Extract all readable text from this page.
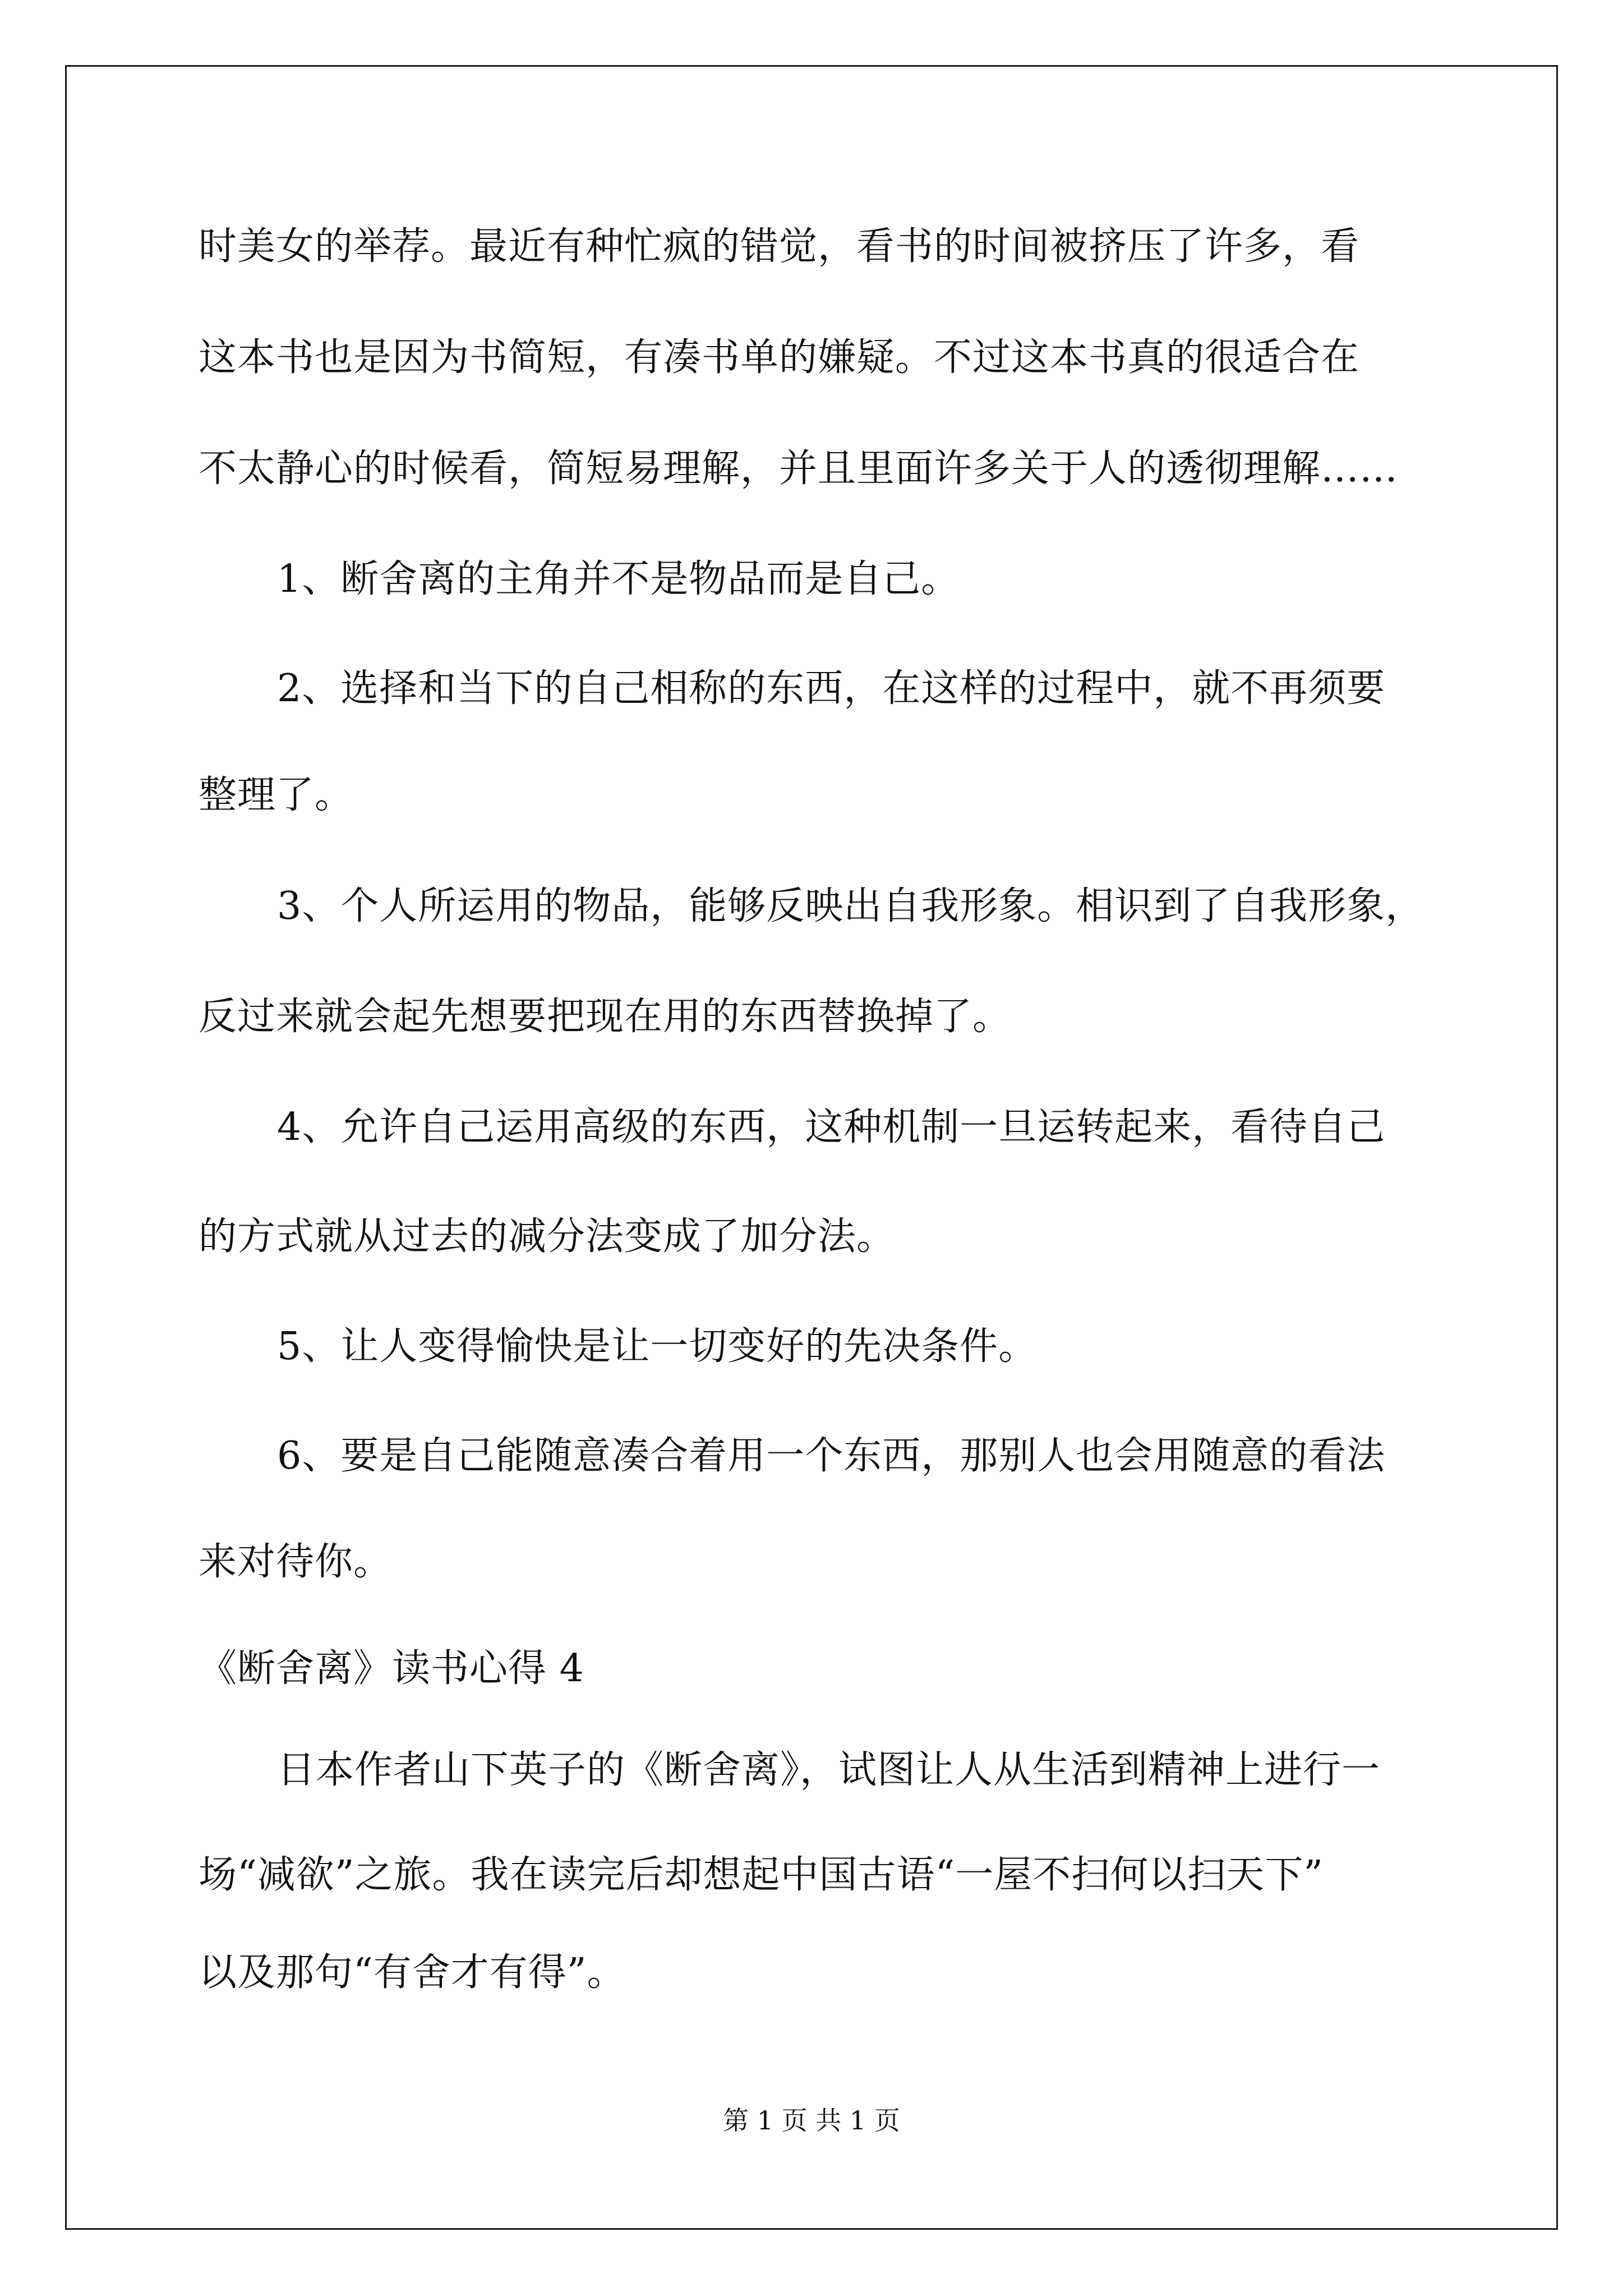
时美女的举荐。最近有种忙疯的错觉，看书的时间被挤压了许多，看
这本书也是因为书简短，有凑书单的嫌疑。不过这本书真的很适合在
不太静心的时候看，简短易理解，并且里面许多关于人的透彻理解……
1、断舍离的主角并不是物品而是自己。
2、选择和当下的自己相称的东西，在这样的过程中，就不再须要
整理了。
3、个人所运用的物品，能够反映出自我形象。相识到了自我形象，
反过来就会起先想要把现在用的东西替换掉了。
4、允许自己运用高级的东西，这种机制一旦运转起来，看待自己
的方式就从过去的减分法变成了加分法。
5、让人变得愉快是让一切变好的先决条件。
6、要是自己能随意凑合着用一个东西，那别人也会用随意的看法
来对待你。
《断舍离》读书心得 4
日本作者山下英子的《断舍离》，试图让人从生活到精神上进行一
场“减欲”之旅。我在读完后却想起中国古语“一屋不扫何以扫天下”
以及那句“有舍才有得”。
第 1 页 共 1 页
